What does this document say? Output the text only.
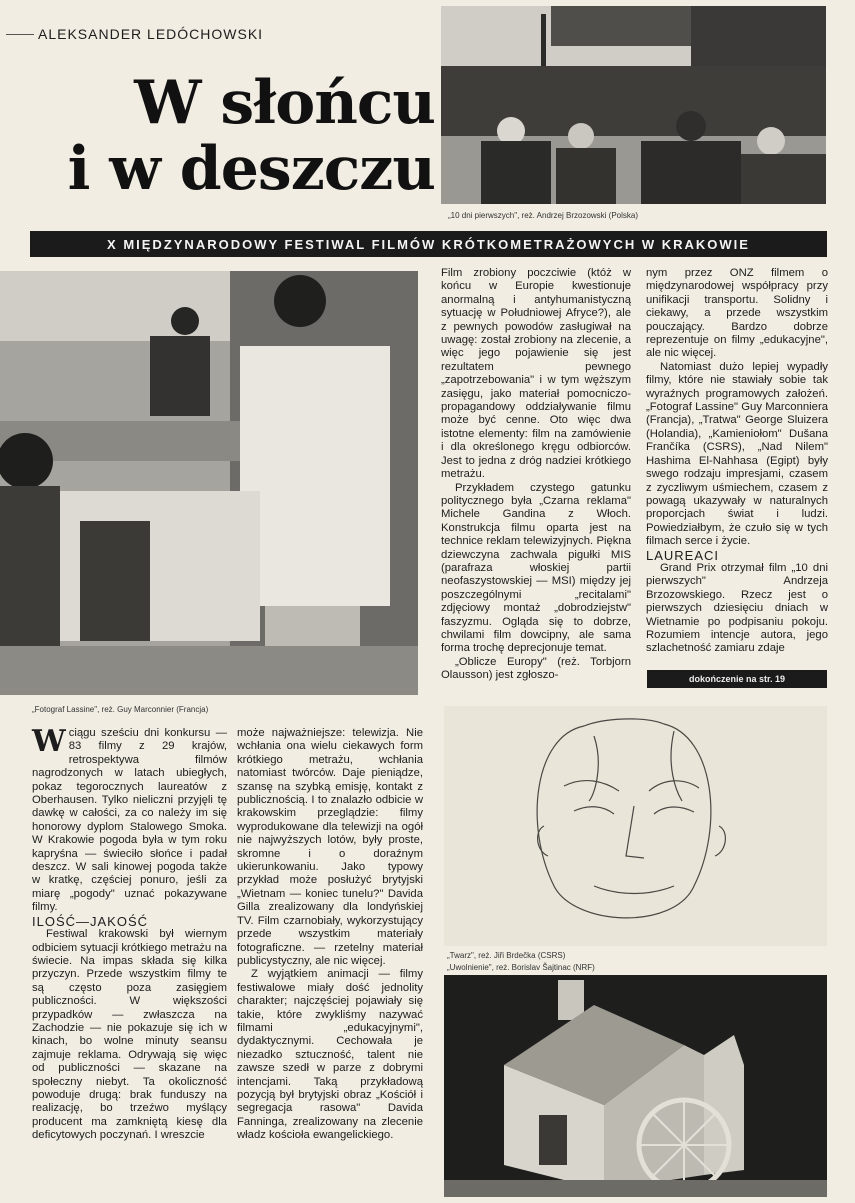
ALEKSANDER LEDÓCHOWSKI
W słońcu
i w deszczu
„10 dni pierwszych", reż. Andrzej Brzozowski (Polska)
X MIĘDZYNARODOWY FESTIWAL FILMÓW KRÓTKOMETRAŻOWYCH W KRAKOWIE
„Fotograf Lassine", reż. Guy Marconnier (Francja)

Film zrobiony poczciwie (któż w końcu w Europie kwestionuje anormalną i antyhumanistyczną sytuację w Południowej Afryce?), ale z pewnych powodów zasługiwał na uwagę: został zrobiony na zlecenie, a więc jego pojawienie się jest rezultatem pewnego „zapotrzebowania" i w tym węższym zasięgu, jako materiał pomocniczo-propagandowy oddziaływanie filmu może być cenne. Oto więc dwa istotne elementy: film na zamówienie i dla określonego kręgu odbiorców. Jest to jedna z dróg nadziei krótkiego metrażu.

Przykładem czystego gatunku politycznego była „Czarna reklama" Michele Gandina z Włoch. Konstrukcja filmu oparta jest na technice reklam telewizyjnych. Piękna dziewczyna zachwala pigułki MIS (parafraza włoskiej partii neofaszystowskiej — MSI) między jej poszczególnymi „recitalami" zdjęciowy montaż „dobrodziejstw" faszyzmu. Ogląda się to dobrze, chwilami film dowcipny, ale sama forma trochę deprecjonuje temat.

„Oblicze Europy" (reż. Torbjorn Olausson) jest zgłoszo-

nym przez ONZ filmem o międzynarodowej współpracy przy unifikacji transportu. Solidny i ciekawy, a przede wszystkim pouczający. Bardzo dobrze reprezentuje on filmy „edukacyjne", ale nic więcej.

Natomiast dużo lepiej wypadły filmy, które nie stawiały sobie tak wyraźnych programowych założeń. „Fotograf Lassine" Guy Marconniera (Francja), „Tratwa" George Sluizera (Holandia), „Kamieniołom" Dušana Frančíka (CSRS), „Nad Nilem" Hashima El-Nahhasa (Egipt) były swego rodzaju impresjami, czasem z zyczliwym uśmiechem, czasem z powagą ukazywały w naturalnych proporcjach świat i ludzi. Powiedziałbym, że czuło się w tych filmach serce i życie.

LAUREACI

Grand Prix otrzymał film „10 dni pierwszych" Andrzeja Brzozowskiego. Rzecz jest o pierwszych dziesięciu dniach w Wietnamie po podpisaniu pokoju. Rozumiem intencje autora, jego szlachetność zamiaru zdaje

dokończenie na str. 19

Wciągu sześciu dni konkursu — 83 filmy z 29 krajów, retrospektywa filmów nagrodzonych w latach ubiegłych, pokaz tegorocznych laureatów z Oberhausen. Tylko nieliczni przyjęli tę dawkę w całości, za co należy im się honorowy dyplom Stalowego Smoka. W Krakowie pogoda była w tym roku kapryśna — świeciło słońce i padał deszcz. W sali kinowej pogoda także w kratkę, częściej ponuro, jeśli za miarę „pogody" uznać pokazywane filmy.

ILOŚĆ—JAKOŚĆ

Festiwal krakowski był wiernym odbiciem sytuacji krótkiego metrażu na świecie. Na impas składa się kilka przyczyn. Przede wszystkim filmy te są często poza zasięgiem publiczności. W większości przypadków — zwłaszcza na Zachodzie — nie pokazuje się ich w kinach, bo wolne minuty seansu zajmuje reklama. Odrywają się więc od publiczności — skazane na społeczny niebyt. Ta okoliczność powoduje drugą: brak funduszy na realizację, bo trzeźwo myślący producent ma zamkniętą kiesę dla deficytowych poczynań. I wreszcie

może najważniejsze: telewizja. Nie wchłania ona wielu ciekawych form krótkiego metrażu, wchłania natomiast twórców. Daje pieniądze, szansę na szybką emisję, kontakt z publicznością. I to znalazło odbicie w krakowskim przeglądzie: filmy wyprodukowane dla telewizji na ogół nie najwyższych lotów, były proste, skromne i o doraźnym ukierunkowaniu. Jako typowy przykład może posłużyć brytyjski „Wietnam — koniec tunelu?" Davida Gilla zrealizowany dla londyńskiej TV. Film czarnobiały, wykorzystujący przede wszystkim materiały fotograficzne. — rzetelny materiał publicystyczny, ale nic więcej.

Z wyjątkiem animacji — filmy festiwalowe miały dość jednolity charakter; najczęściej pojawiały się takie, które zwykliśmy nazywać filmami „edukacyjnymi", dydaktycznymi. Cechowała je niezadko sztuczność, talent nie zawsze szedł w parze z dobrymi intencjami. Taką przykładową pozycją był brytyjski obraz „Kościół i segregacja rasowa" Davida Fanninga, zrealizowany na zlecenie władz kościoła ewangelickiego.

„Twarz", reż. Jiři Brdečka (CSRS)
„Uwolnienie", reż. Borislav Šajtinac (NRF)
